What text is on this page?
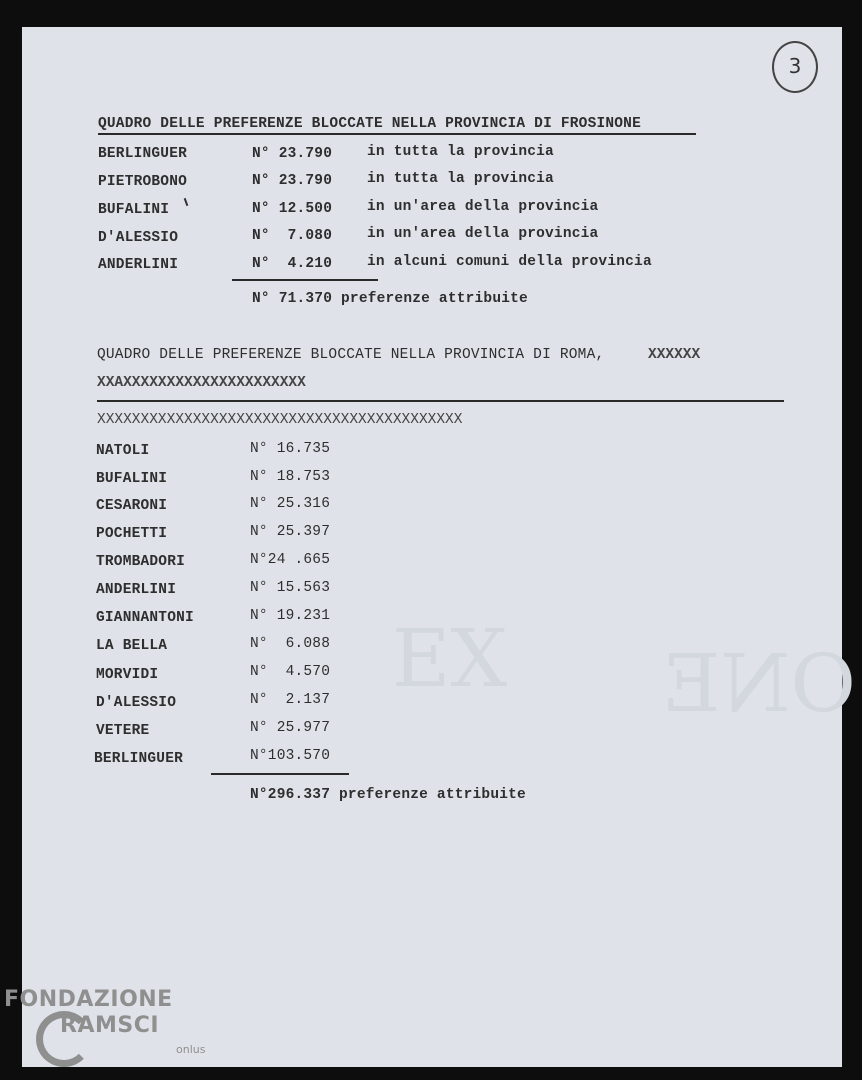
EX ONE
3
QUADRO DELLE PREFERENZE BLOCCATE NELLA PROVINCIA DI FROSINONE
BERLINGUER	N° 23.790 in tutta la provincia
PIETROBONO	N° 23.790 in tutta la provincia
BUFALINI	N° 12.500 in un'area della provincia
D'ALESSIO	N°  7.080 in un'area della provincia
ANDERLINI	N°  4.210 in alcuni comuni della provincia
N° 71.370 preferenze attribuite
QUADRO DELLE PREFERENZE BLOCCATE NELLA PROVINCIA DI ROMA,	XXXXXX
XXAXXXXXXXXXXXXXXXXXXXXX
XXXXXXXXXXXXXXXXXXXXXXXXXXXXXXXXXXXXXXXXXX
NATOLI	N° 16.735
BUFALINI	N° 18.753
CESARONI	N° 25.316
POCHETTI	N° 25.397
TROMBADORI	N°24 .665
ANDERLINI	N° 15.563
GIANNANTONI	N° 19.231
LA BELLA	N°  6.088
MORVIDI	N°  4.570
D'ALESSIO	N°  2.137
VETERE	N° 25.977
BERLINGUER	N°103.570
N°296.337 preferenze attribuite
FONDAZIONE
RAMSCI
onlus
